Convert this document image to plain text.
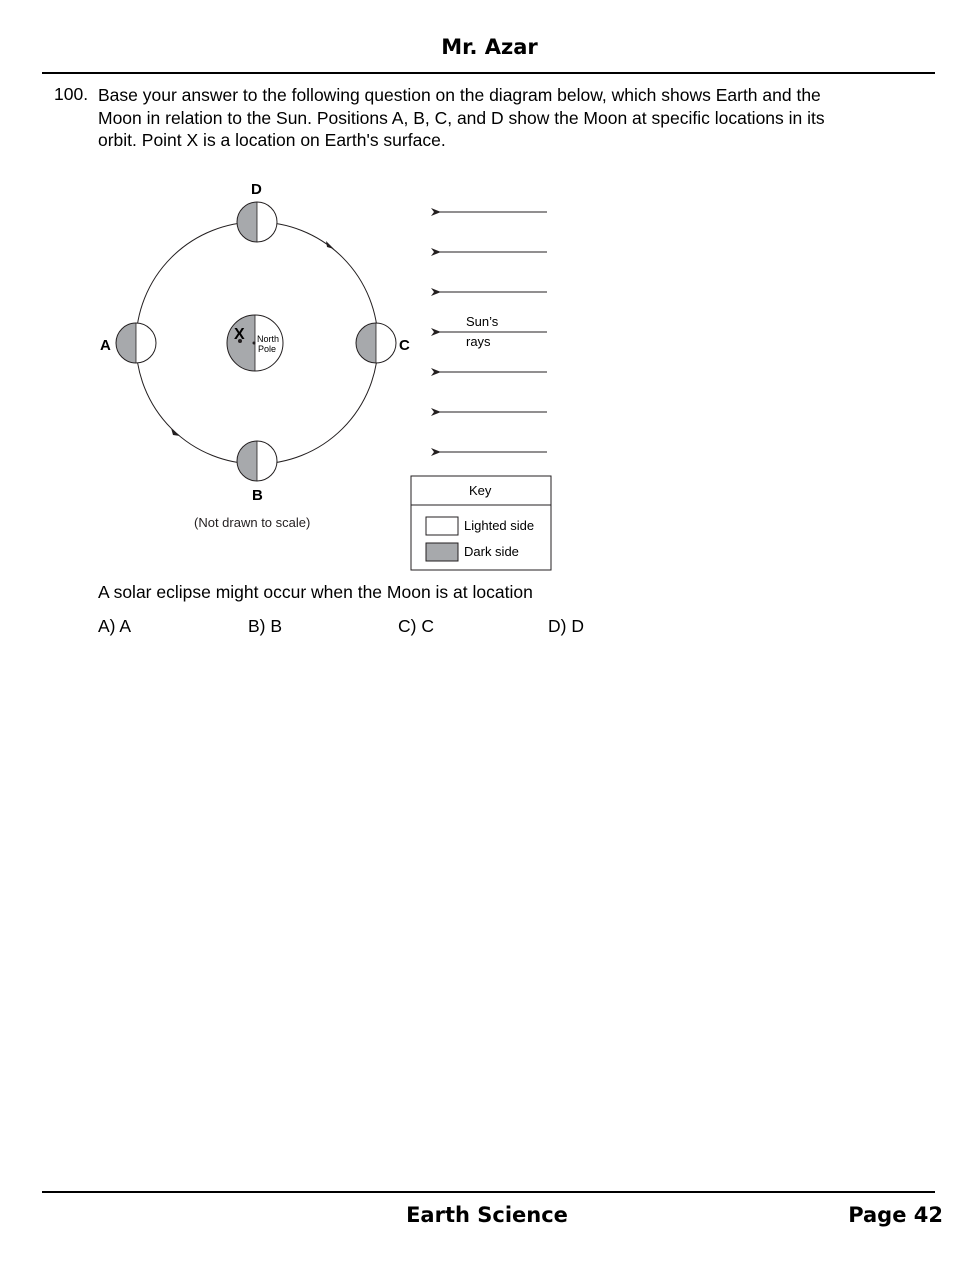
Mr. Azar
100. Base your answer to the following question on the diagram below, which shows Earth and the Moon in relation to the Sun. Positions A, B, C, and D show the Moon at specific locations in its orbit. Point X is a location on Earth's surface.
X North
Pole
D
A	C
B
(Not drawn to scale)
Sun’s
rays
Key
Lighted side
Dark side
A solar eclipse might occur when the Moon is at location
A) A	B) B	C) C	D) D
Earth Science	Page 42
